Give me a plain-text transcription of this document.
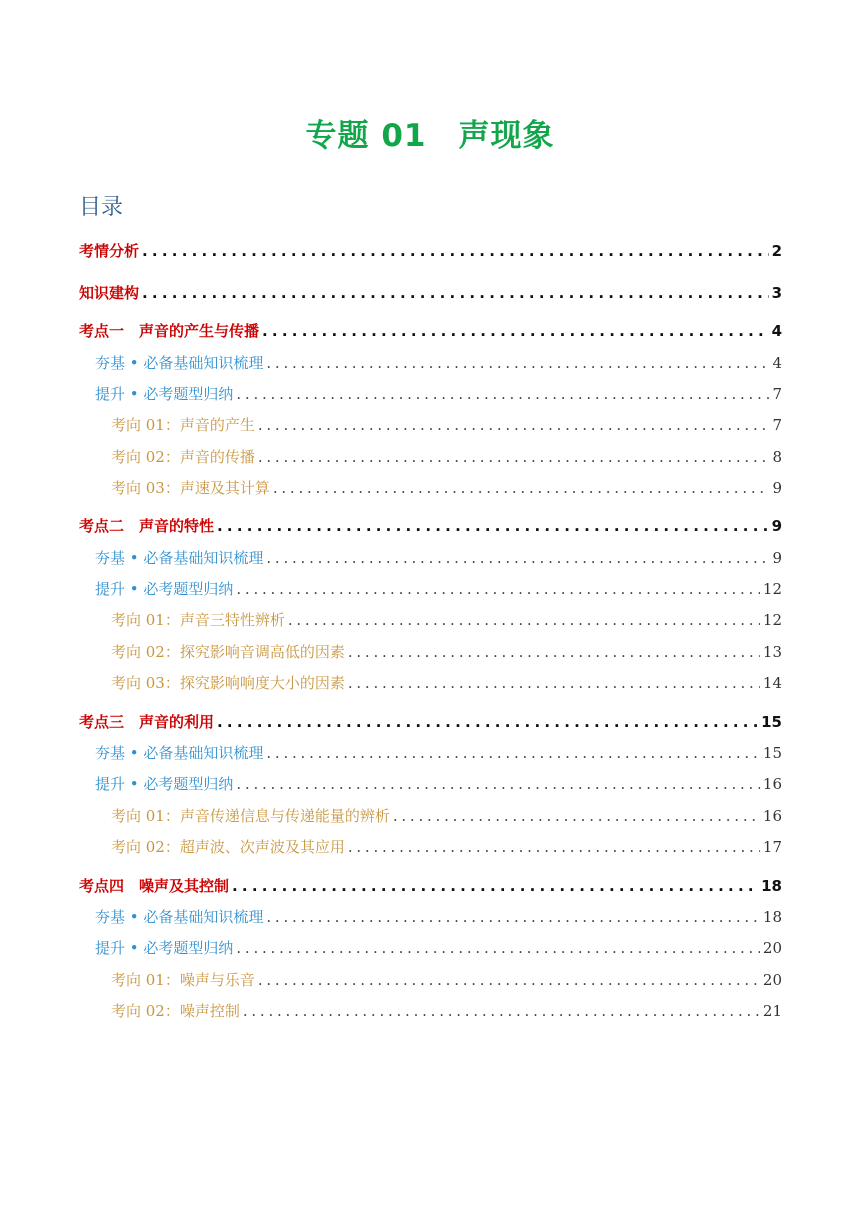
专题 01　声现象
目录
考情分析 . . .	2
知识建构 . . .	3
考点一　声音的产生与传播 . . .	4
夯基 • 必备基础知识梳理 . . .	4
提升 • 必考题型归纳 . . .	7
考向 01：声音的产生 . . .	7
考向 02：声音的传播 . . .	8
考向 03：声速及其计算 . . .	9
考点二　声音的特性 . . .	9
夯基 • 必备基础知识梳理 . . .	9
提升 • 必考题型归纳 . . .	12
考向 01：声音三特性辨析 . . .	12
考向 02：探究影响音调高低的因素 . . .	13
考向 03：探究影响响度大小的因素 . . .	14
考点三　声音的利用 . . .	15
夯基 • 必备基础知识梳理 . . .	15
提升 • 必考题型归纳 . . .	16
考向 01：声音传递信息与传递能量的辨析 . . .	16
考向 02：超声波、次声波及其应用 . . .	17
考点四　噪声及其控制 . . .	18
夯基 • 必备基础知识梳理 . . .	18
提升 • 必考题型归纳 . . .	20
考向 01：噪声与乐音 . . .	20
考向 02：噪声控制 . . .	21
